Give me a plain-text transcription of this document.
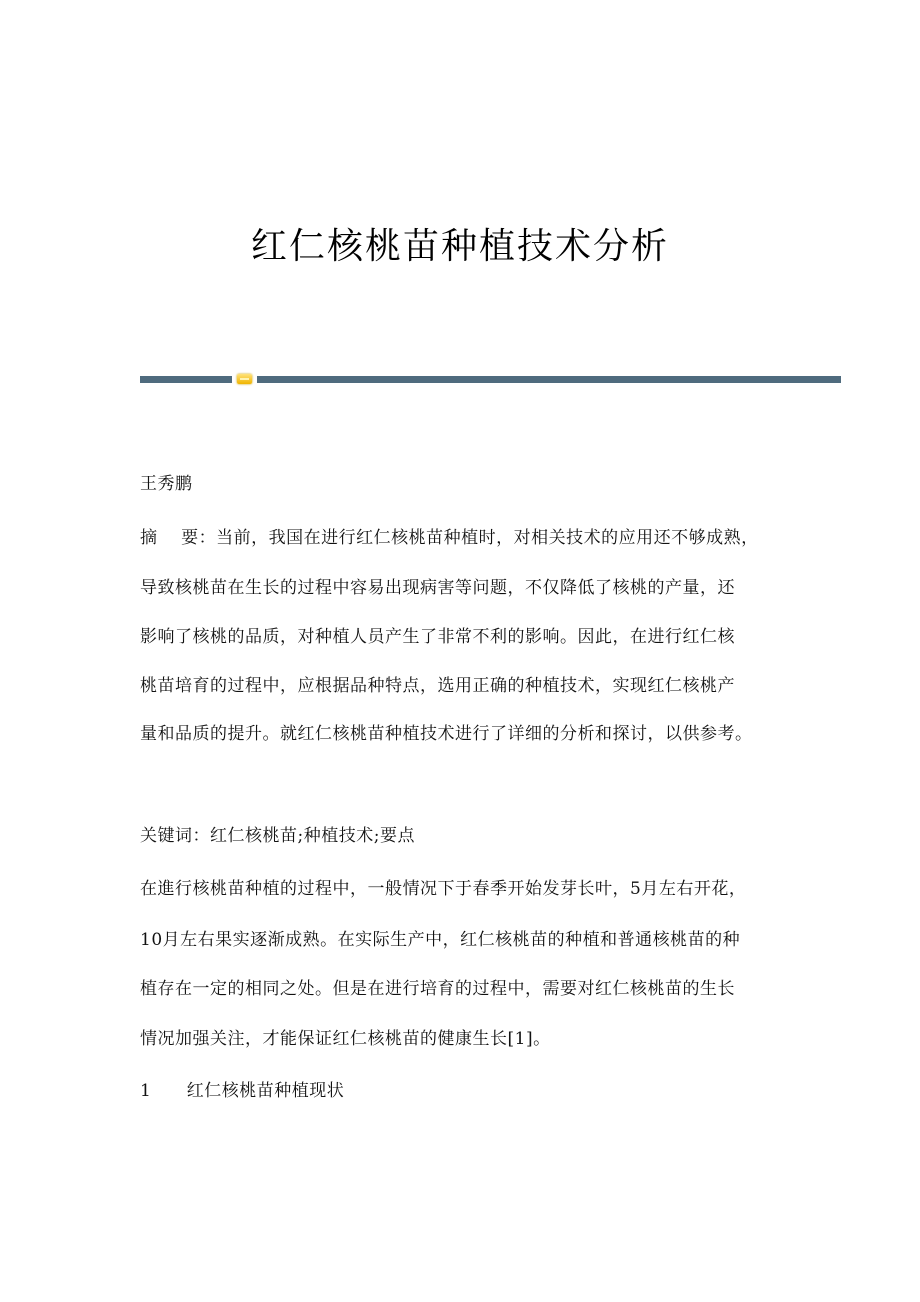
红仁核桃苗种植技术分析
王秀鹏
摘    要：当前，我国在进行红仁核桃苗种植时，对相关技术的应用还不够成熟，
导致核桃苗在生长的过程中容易出现病害等问题，不仅降低了核桃的产量，还
影响了核桃的品质，对种植人员产生了非常不利的影响。因此，在进行红仁核
桃苗培育的过程中，应根据品种特点，选用正确的种植技术，实现红仁核桃产
量和品质的提升。就红仁核桃苗种植技术进行了详细的分析和探讨，以供参考。
关键词：红仁核桃苗;种植技术;要点
在進行核桃苗种植的过程中，一般情况下于春季开始发芽长叶，5月左右开花，
10月左右果实逐渐成熟。在实际生产中，红仁核桃苗的种植和普通核桃苗的种
植存在一定的相同之处。但是在进行培育的过程中，需要对红仁核桃苗的生长
情况加强关注，才能保证红仁核桃苗的健康生长[1]。
1      红仁核桃苗种植现状
